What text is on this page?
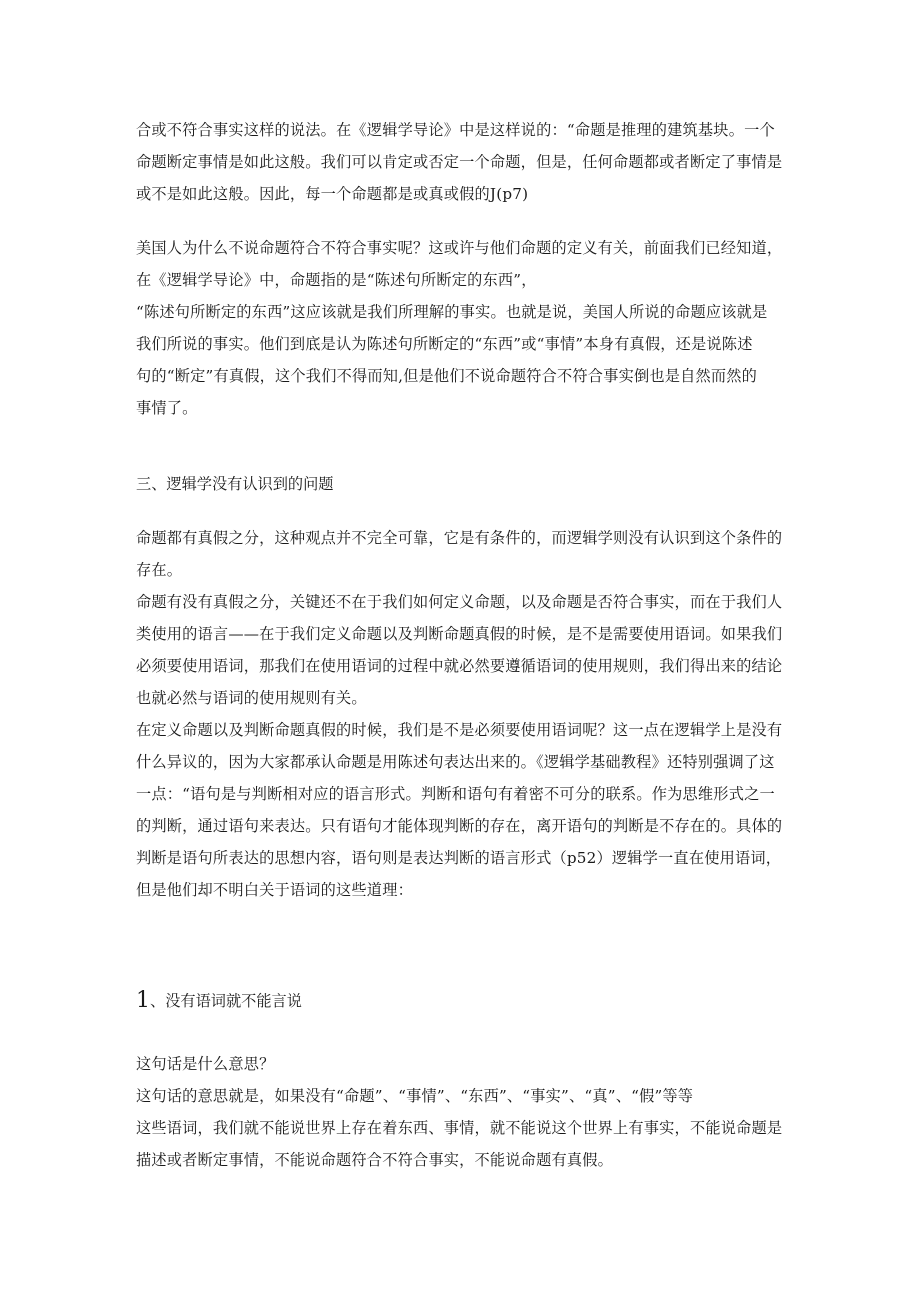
合或不符合事实这样的说法。在《逻辑学导论》中是这样说的：“命题是推理的建筑基块。一个
命题断定事情是如此这般。我们可以肯定或否定一个命题，但是，任何命题都或者断定了事情是
或不是如此这般。因此，每一个命题都是或真或假的J(p7)
美国人为什么不说命题符合不符合事实呢？这或许与他们命题的定义有关，前面我们已经知道，
在《逻辑学导论》中，命题指的是“陈述句所断定的东西”，
“陈述句所断定的东西”这应该就是我们所理解的事实。也就是说，美国人所说的命题应该就是
我们所说的事实。他们到底是认为陈述句所断定的“东西”或“事情”本身有真假，还是说陈述
句的“断定”有真假，这个我们不得而知,但是他们不说命题符合不符合事实倒也是自然而然的
事情了。
三、逻辑学没有认识到的问题
命题都有真假之分，这种观点并不完全可靠，它是有条件的，而逻辑学则没有认识到这个条件的
存在。
命题有没有真假之分，关键还不在于我们如何定义命题，以及命题是否符合事实，而在于我们人
类使用的语言——在于我们定义命题以及判断命题真假的时候，是不是需要使用语词。如果我们
必须要使用语词，那我们在使用语词的过程中就必然要遵循语词的使用规则，我们得出来的结论
也就必然与语词的使用规则有关。
在定义命题以及判断命题真假的时候，我们是不是必须要使用语词呢？这一点在逻辑学上是没有
什么异议的，因为大家都承认命题是用陈述句表达出来的。《逻辑学基础教程》还特别强调了这
一点：“语句是与判断相对应的语言形式。判断和语句有着密不可分的联系。作为思维形式之一
的判断，通过语句来表达。只有语句才能体现判断的存在，离开语句的判断是不存在的。具体的
判断是语句所表达的思想内容，语句则是表达判断的语言形式（p52）逻辑学一直在使用语词，
但是他们却不明白关于语词的这些道理：
1、没有语词就不能言说
这句话是什么意思？
这句话的意思就是，如果没有“命题”、“事情”、“东西”、“事实”、“真”、“假”等等
这些语词，我们就不能说世界上存在着东西、事情，就不能说这个世界上有事实，不能说命题是
描述或者断定事情，不能说命题符合不符合事实，不能说命题有真假。
